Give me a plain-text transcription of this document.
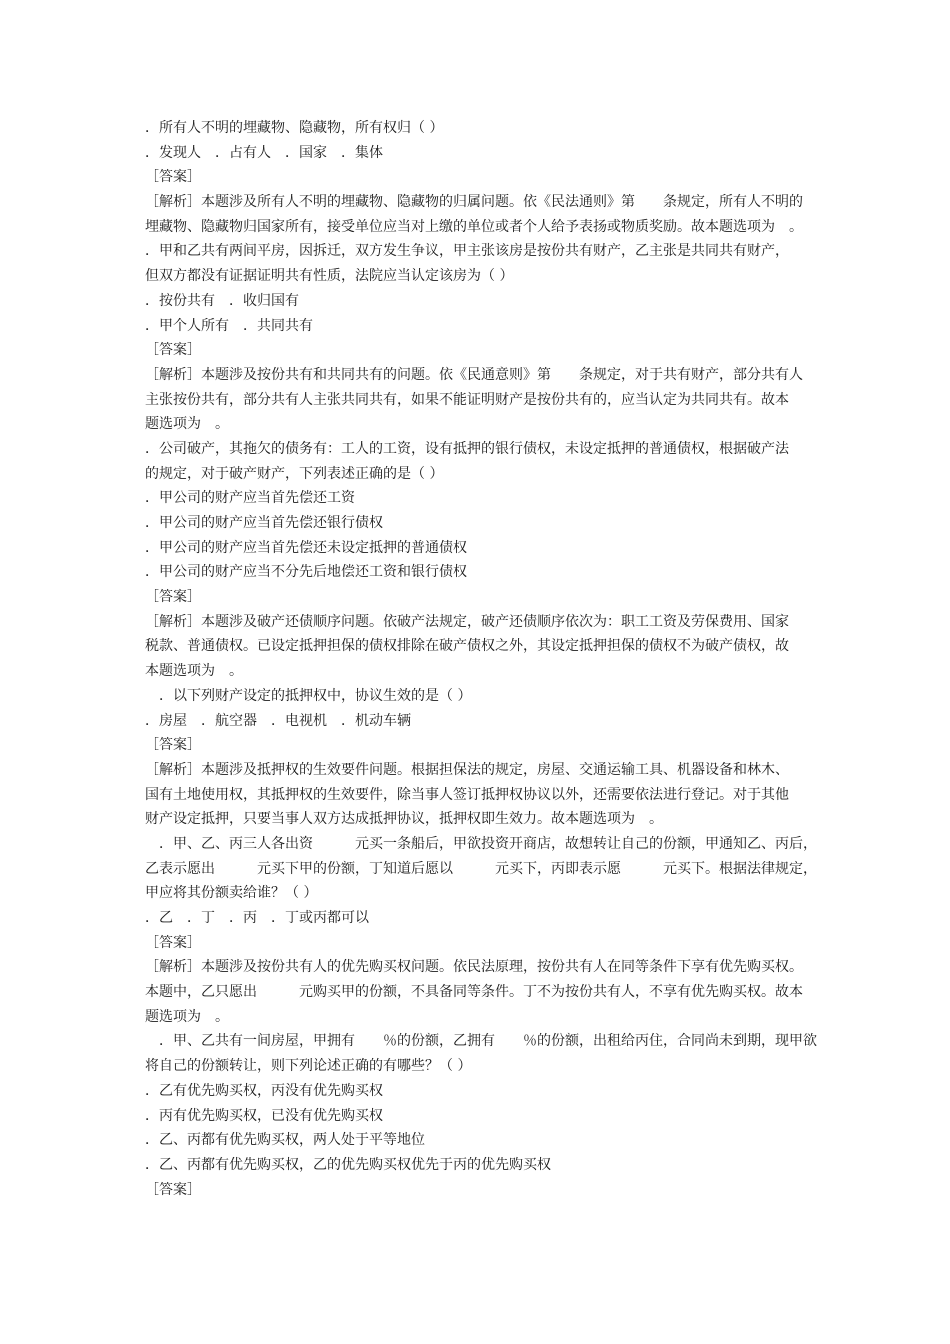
．所有人不明的埋藏物、隐藏物，所有权归（ ）

．发现人　．占有人　．国家　．集体

［答案］

［解析］本题涉及所有人不明的埋藏物、隐藏物的归属问题。依《民法通则》第　　条规定，所有人不明的

埋藏物、隐藏物归国家所有，接受单位应当对上缴的单位或者个人给予表扬或物质奖励。故本题选项为　。

．甲和乙共有两间平房，因拆迁，双方发生争议，甲主张该房是按份共有财产，乙主张是共同共有财产，

但双方都没有证据证明共有性质，法院应当认定该房为（ ）

．按份共有　．收归国有

．甲个人所有　．共同共有

［答案］

［解析］本题涉及按份共有和共同共有的问题。依《民通意则》第　　条规定，对于共有财产，部分共有人

主张按份共有，部分共有人主张共同共有，如果不能证明财产是按份共有的，应当认定为共同共有。故本

题选项为　。

．公司破产，其拖欠的债务有：工人的工资，设有抵押的银行债权，未设定抵押的普通债权，根据破产法

的规定，对于破产财产，下列表述正确的是（ ）

．甲公司的财产应当首先偿还工资

．甲公司的财产应当首先偿还银行债权

．甲公司的财产应当首先偿还未设定抵押的普通债权

．甲公司的财产应当不分先后地偿还工资和银行债权

［答案］

［解析］本题涉及破产还债顺序问题。依破产法规定，破产还债顺序依次为：职工工资及劳保费用、国家

税款、普通债权。已设定抵押担保的债权排除在破产债权之外，其设定抵押担保的债权不为破产债权，故

本题选项为　。

　．以下列财产设定的抵押权中，协议生效的是（ ）

．房屋　．航空器　．电视机　．机动车辆

［答案］

［解析］本题涉及抵押权的生效要件问题。根据担保法的规定，房屋、交通运输工具、机器设备和林木、

国有土地使用权，其抵押权的生效要件，除当事人签订抵押权协议以外，还需要依法进行登记。对于其他

财产设定抵押，只要当事人双方达成抵押协议，抵押权即生效力。故本题选项为　。

　．甲、乙、丙三人各出资　　　元买一条船后，甲欲投资开商店，故想转让自己的份额，甲通知乙、丙后，

乙表示愿出　　　元买下甲的份额，丁知道后愿以　　　元买下，丙即表示愿　　　元买下。根据法律规定，

甲应将其份额卖给谁？（ ）

．乙　．丁　．丙　．丁或丙都可以

［答案］

［解析］本题涉及按份共有人的优先购买权问题。依民法原理，按份共有人在同等条件下享有优先购买权。

本题中，乙只愿出　　　元购买甲的份额，不具备同等条件。丁不为按份共有人，不享有优先购买权。故本

题选项为　。

　．甲、乙共有一间房屋，甲拥有　　％的份额，乙拥有　　％的份额，出租给丙住，合同尚未到期，现甲欲

将自己的份额转让，则下列论述正确的有哪些？（ ）

．乙有优先购买权，丙没有优先购买权

．丙有优先购买权，已没有优先购买权

．乙、丙都有优先购买权，两人处于平等地位

．乙、丙都有优先购买权，乙的优先购买权优先于丙的优先购买权

［答案］
